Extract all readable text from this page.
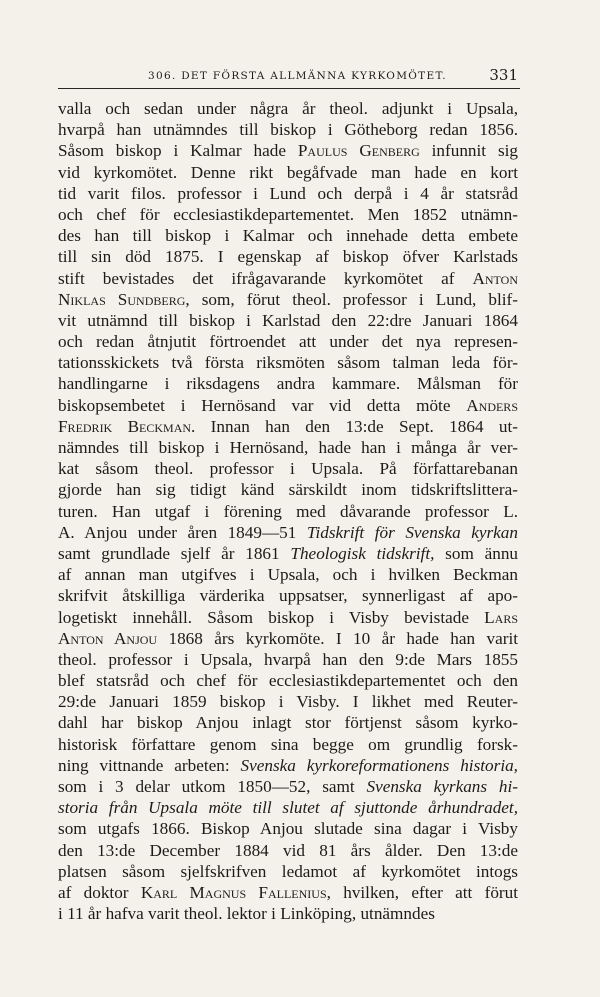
306. DET FÖRSTA ALLMÄNNA KYRKOMÖTET.	331
valla och sedan under några år theol. adjunkt i Upsala,
hvarpå han utnämndes till biskop i Götheborg redan 1856.
Såsom biskop i Kalmar hade Paulus Genberg infunnit sig
vid kyrkomötet. Denne rikt begåfvade man hade en kort
tid varit filos. professor i Lund och derpå i 4 år statsråd
och chef för ecclesiastikdepartementet. Men 1852 utnämn-
des han till biskop i Kalmar och innehade detta embete
till sin död 1875. I egenskap af biskop öfver Karlstads
stift bevistades det ifrågavarande kyrkomötet af Anton
Niklas Sundberg, som, förut theol. professor i Lund, blif-
vit utnämnd till biskop i Karlstad den 22:dre Januari 1864
och redan åtnjutit förtroendet att under det nya represen-
tationsskickets två första riksmöten såsom talman leda för-
handlingarne i riksdagens andra kammare. Målsman för
biskopsembetet i Hernösand var vid detta möte Anders
Fredrik Beckman. Innan han den 13:de Sept. 1864 ut-
nämndes till biskop i Hernösand, hade han i många år ver-
kat såsom theol. professor i Upsala. På författarebanan
gjorde han sig tidigt känd särskildt inom tidskriftslittera-
turen. Han utgaf i förening med dåvarande professor L.
A. Anjou under åren 1849—51 Tidskrift för Svenska kyrkan
samt grundlade sjelf år 1861 Theologisk tidskrift, som ännu
af annan man utgifves i Upsala, och i hvilken Beckman
skrifvit åtskilliga värderika uppsatser, synnerligast af apo-
logetiskt innehåll. Såsom biskop i Visby bevistade Lars
Anton Anjou 1868 års kyrkomöte. I 10 år hade han varit
theol. professor i Upsala, hvarpå han den 9:de Mars 1855
blef statsråd och chef för ecclesiastikdepartementet och den
29:de Januari 1859 biskop i Visby. I likhet med Reuter-
dahl har biskop Anjou inlagt stor förtjenst såsom kyrko-
historisk författare genom sina begge om grundlig forsk-
ning vittnande arbeten: Svenska kyrkoreformationens historia,
som i 3 delar utkom 1850—52, samt Svenska kyrkans hi-
storia från Upsala möte till slutet af sjuttonde århundradet,
som utgafs 1866. Biskop Anjou slutade sina dagar i Visby
den 13:de December 1884 vid 81 års ålder. Den 13:de
platsen såsom sjelfskrifven ledamot af kyrkomötet intogs
af doktor Karl Magnus Fallenius, hvilken, efter att förut
i 11 år hafva varit theol. lektor i Linköping, utnämndes
